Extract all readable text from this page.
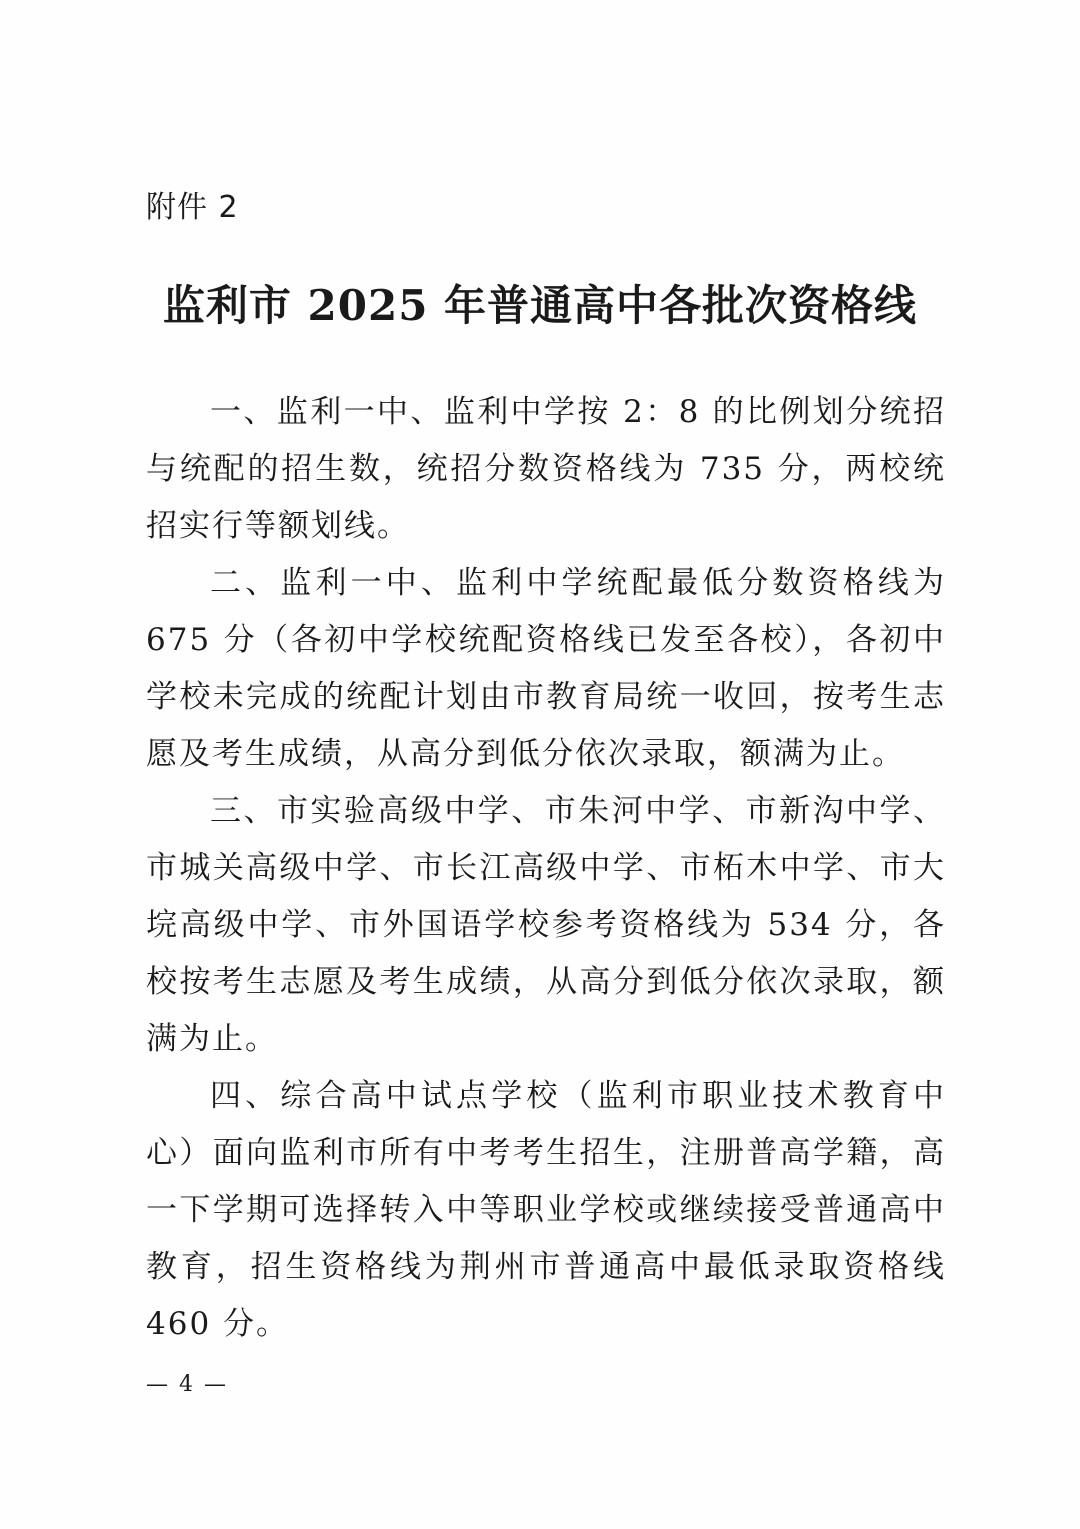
附件 2
监利市 2025 年普通高中各批次资格线

一、监利一中、监利中学按 2：8 的比例划分统招与统配的招生数，统招分数资格线为 735 分，两校统招实行等额划线。

二、监利一中、监利中学统配最低分数资格线为 675 分（各初中学校统配资格线已发至各校），各初中学校未完成的统配计划由市教育局统一收回，按考生志愿及考生成绩，从高分到低分依次录取，额满为止。

三、市实验高级中学、市朱河中学、市新沟中学、市城关高级中学、市长江高级中学、市柘木中学、市大垸高级中学、市外国语学校参考资格线为 534 分，各校按考生志愿及考生成绩，从高分到低分依次录取，额满为止。

四、综合高中试点学校（监利市职业技术教育中心）面向监利市所有中考考生招生，注册普高学籍，高一下学期可选择转入中等职业学校或继续接受普通高中教育，招生资格线为荆州市普通高中最低录取资格线 460 分。

— 4 —
